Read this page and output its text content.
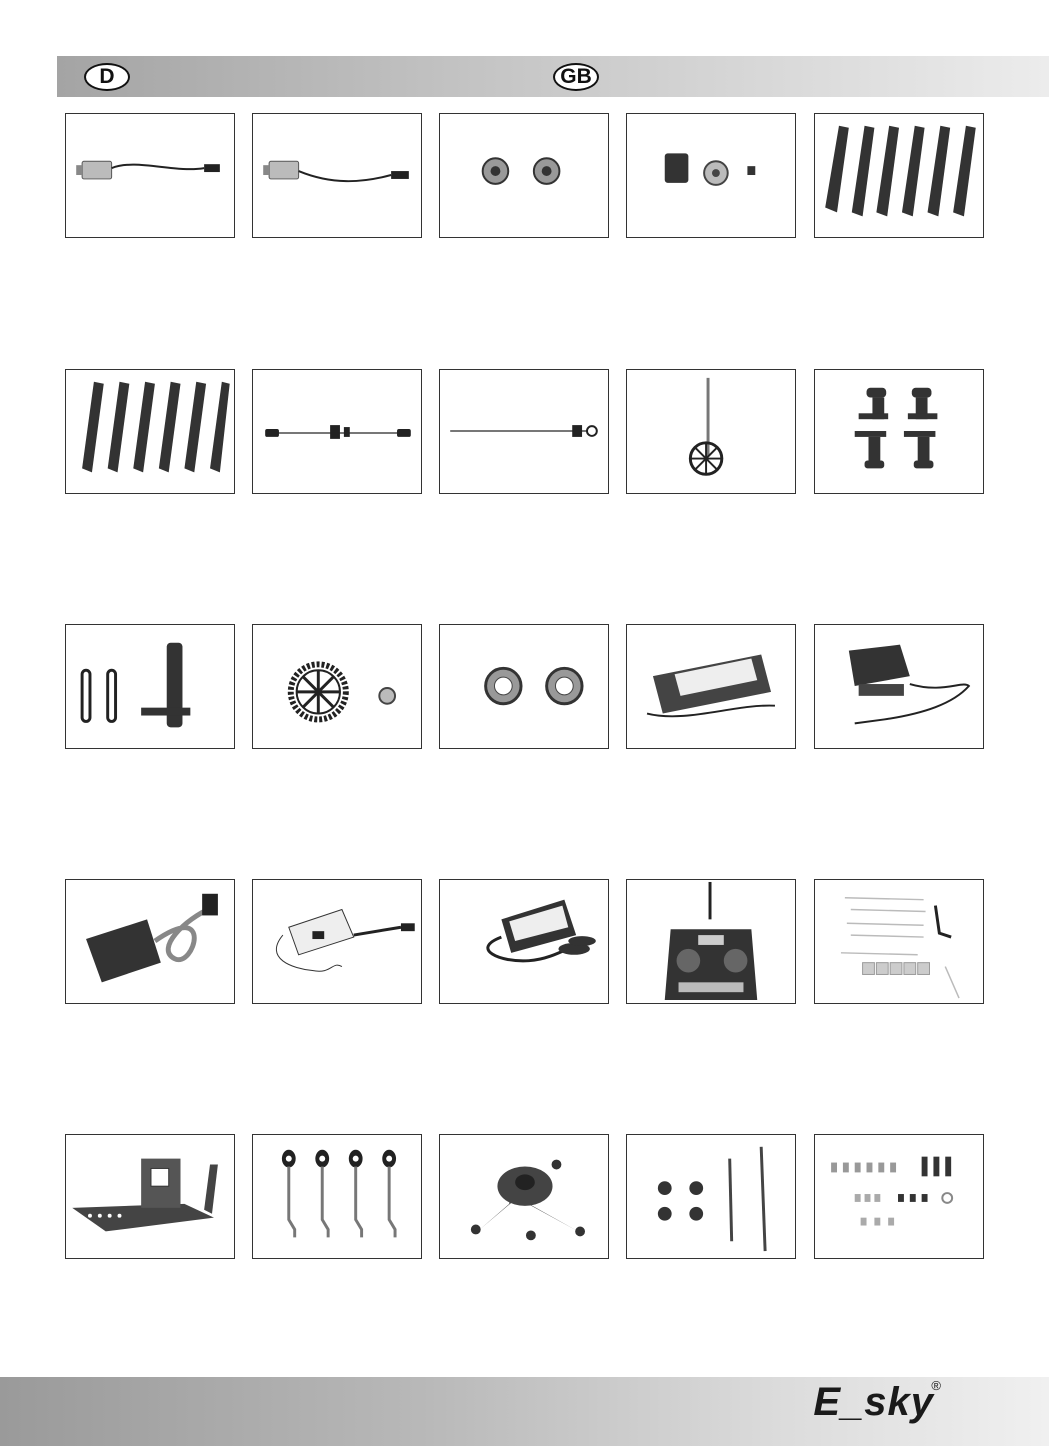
D	GB
E_sky
®
